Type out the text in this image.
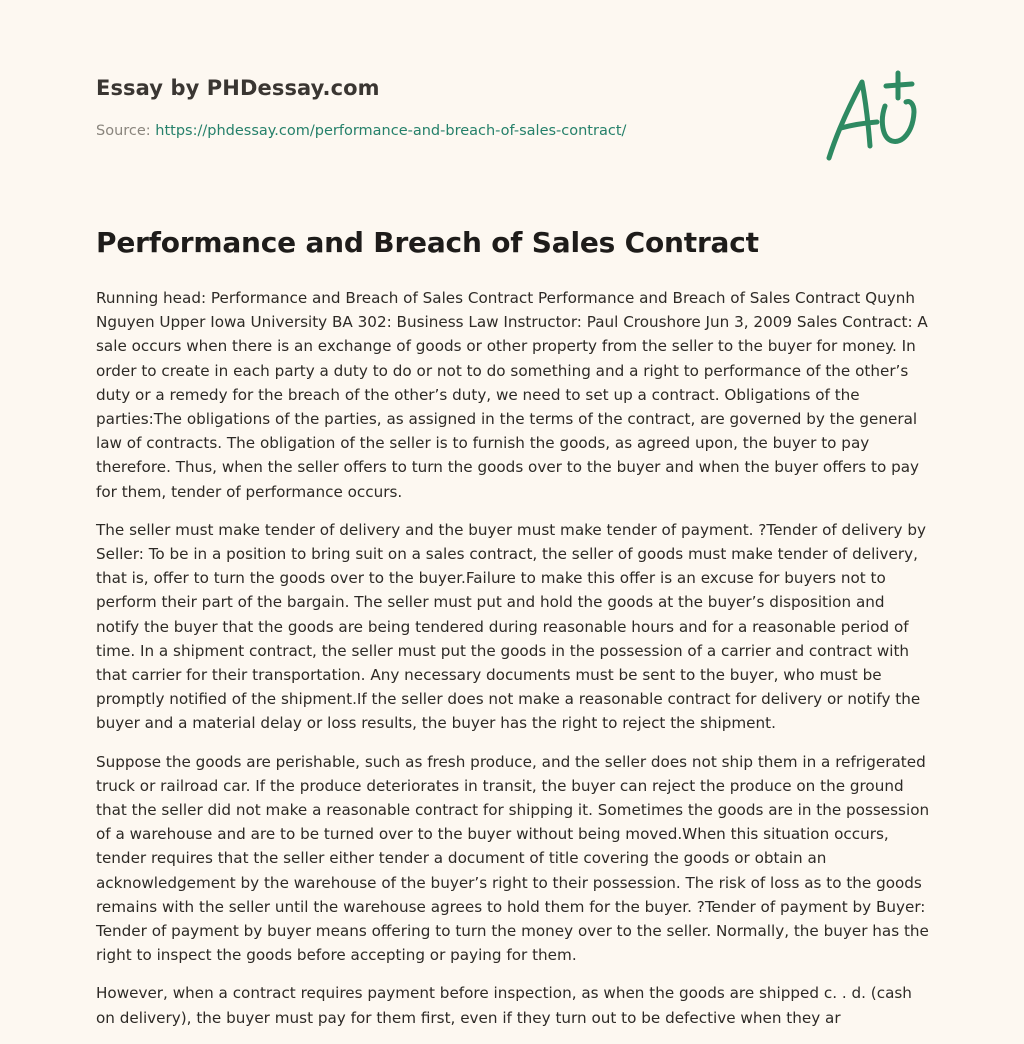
Essay by PHDessay.com

Source: https://phdessay.com/performance-and-breach-of-sales-contract/
Performance and Breach of Sales Contract

Running head: Performance and Breach of Sales Contract Performance and Breach of Sales Contract Quynh Nguyen Upper Iowa University BA 302: Business Law Instructor: Paul Croushore Jun 3, 2009 Sales Contract: A sale occurs when there is an exchange of goods or other property from the seller to the buyer for money. In order to create in each party a duty to do or not to do something and a right to performance of the other’s duty or a remedy for the breach of the other’s duty, we need to set up a contract. Obligations of the parties:The obligations of the parties, as assigned in the terms of the contract, are governed by the general law of contracts. The obligation of the seller is to furnish the goods, as agreed upon, the buyer to pay therefore. Thus, when the seller offers to turn the goods over to the buyer and when the buyer offers to pay for them, tender of performance occurs.

The seller must make tender of delivery and the buyer must make tender of payment. ?Tender of delivery by Seller: To be in a position to bring suit on a sales contract, the seller of goods must make tender of delivery, that is, offer to turn the goods over to the buyer.Failure to make this offer is an excuse for buyers not to perform their part of the bargain. The seller must put and hold the goods at the buyer’s disposition and notify the buyer that the goods are being tendered during reasonable hours and for a reasonable period of time. In a shipment contract, the seller must put the goods in the possession of a carrier and contract with that carrier for their transportation. Any necessary documents must be sent to the buyer, who must be promptly notified of the shipment.If the seller does not make a reasonable contract for delivery or notify the buyer and a material delay or loss results, the buyer has the right to reject the shipment.

Suppose the goods are perishable, such as fresh produce, and the seller does not ship them in a refrigerated truck or railroad car. If the produce deteriorates in transit, the buyer can reject the produce on the ground that the seller did not make a reasonable contract for shipping it. Sometimes the goods are in the possession of a warehouse and are to be turned over to the buyer without being moved.When this situation occurs, tender requires that the seller either tender a document of title covering the goods or obtain an acknowledgement by the warehouse of the buyer’s right to their possession. The risk of loss as to the goods remains with the seller until the warehouse agrees to hold them for the buyer. ?Tender of payment by Buyer: Tender of payment by buyer means offering to turn the money over to the seller. Normally, the buyer has the right to inspect the goods before accepting or paying for them.

However, when a contract requires payment before inspection, as when the goods are shipped c. . d. (cash on delivery), the buyer must pay for them first, even if they turn out to be defective when they ar
